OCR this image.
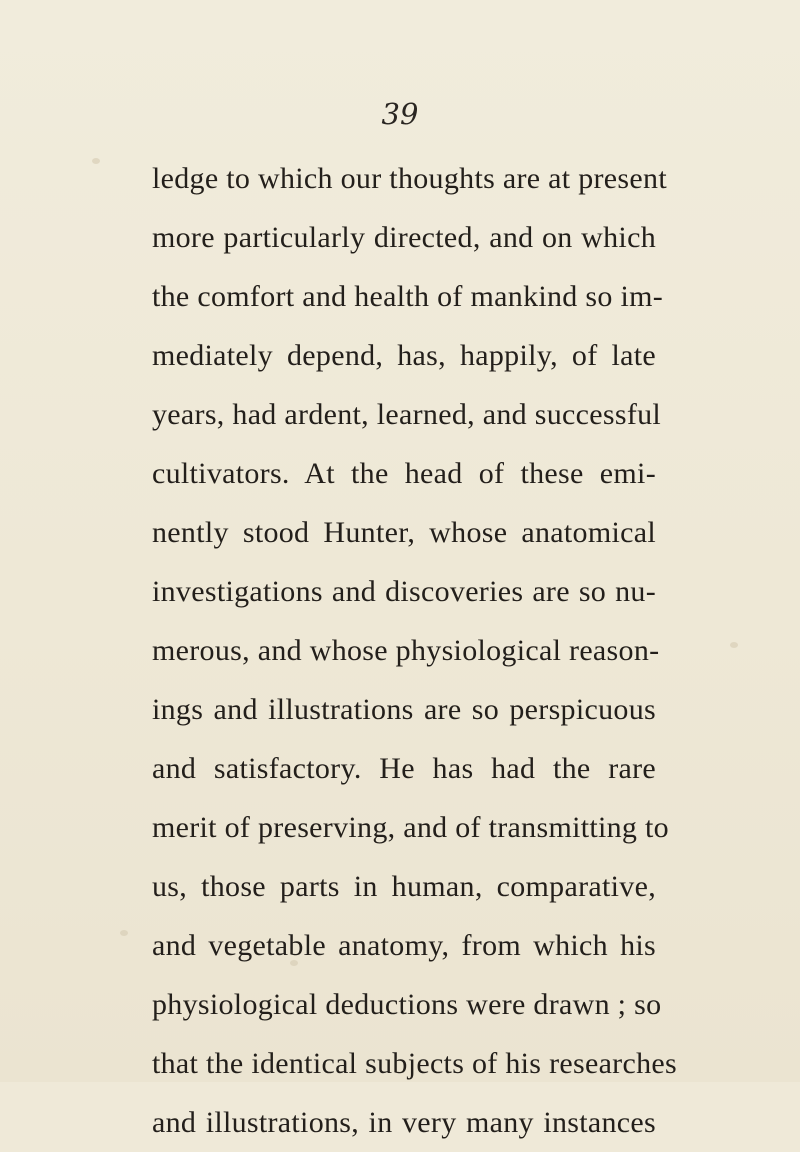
39
ledge to which our thoughts are at present
more particularly directed, and on which
the comfort and health of mankind so im-
mediately depend, has, happily, of late
years, had ardent, learned, and successful
cultivators. At the head of these emi-
nently stood Hunter, whose anatomical
investigations and discoveries are so nu-
merous, and whose physiological reason-
ings and illustrations are so perspicuous
and satisfactory. He has had the rare
merit of preserving, and of transmitting to
us, those parts in human, comparative,
and vegetable anatomy, from which his
physiological deductions were drawn ; so
that the identical subjects of his researches
and illustrations, in very many instances
